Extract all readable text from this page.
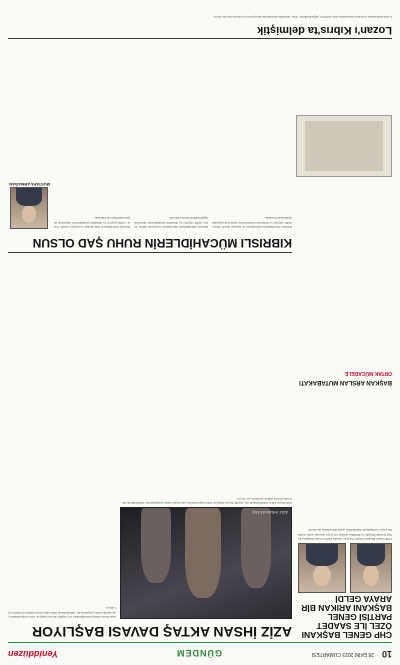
10
28 EKİM 2023 CUMARTESİ
GÜNDEM
Yeniddüzen
CHP GENEL BAŞKANI ÖZEL İLE SAADET PARTİSİ GENEL BAŞKANI ARIKAN BİR ARAYA GELDİ
CHP Genel Başkanı Özgür Özel ile Saadet Partisi Genel Başkanı Temel Karamollaoğlu ve Mahmut Arıkan bir araya gelerek ortak açıklama yaptı. Görüşmede muhalefetin ortak mücadelesi ele alındı.
BAŞKAN ARSLAN MUTABAKATI
ORTAK MÜCADELE
AZİZ İHSAN AKTAŞ DAVASI BAŞLIYOR
AZİZ İHSAN AKTAŞ
Aziz İhsan Aktaş liderliğindeki suç örgütü davası başlıyor. Dava kapsamında çok sayıda sanık yargılanacak; iddianamede ihale süreçlerine ilişkin ayrıntılar yer alıyor.
Aziz İhsan Aktaş liderliğindeki suç örgütü davası başlıyor. Dava kapsamında çok sayıda sanık yargılanacak; iddianamede ihale süreçlerine ilişkin ayrıntılar yer alıyor.
KIBRISLI MÜCAHİDLERİN RUHU ŞAD OLSUN
MUSTAFA ARMAĞAN
Kıbrıslı mücahidlerin mücadelesi ve hatırası anıldı. Yazar, tarihî olayları ve dönemin tanıklıklarını aktararak değerlendirmelerde bulundu.
Kıbrıslı mücahidlerin mücadelesi ve hatırası anıldı. Yazar, tarihî olayları ve dönemin tanıklıklarını aktararak değerlendirmelerde bulundu.
Kıbrıslı mücahidlerin mücadelesi ve hatırası anıldı. Yazar, tarihî olayları ve dönemin tanıklıklarını aktararak değerlendirmelerde bulundu.
Lozan'ı Kıbrıs'ta delmiştik
Lozan Antlaşması ve Kıbrıs meselesine dair tarihî bir değerlendirme. Yazı, dönemin diplomatik süreçlerini ve sonuçlarını ele alıyor.
